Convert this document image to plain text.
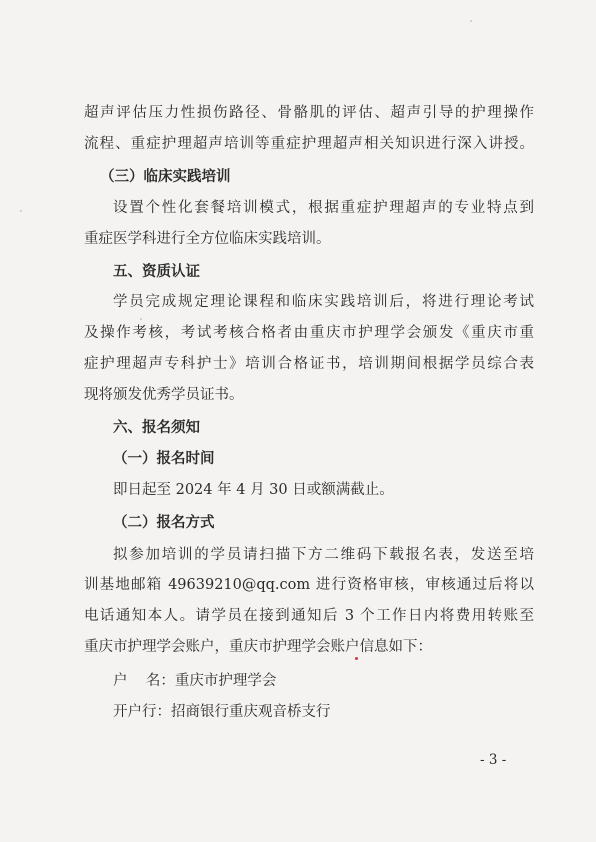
超声评估压力性损伤路径、骨骼肌的评估、超声引导的护理操作
流程、重症护理超声培训等重症护理超声相关知识进行深入讲授。
（三）临床实践培训
设置个性化套餐培训模式，根据重症护理超声的专业特点到
重症医学科进行全方位临床实践培训。
五、资质认证
学员完成规定理论课程和临床实践培训后，将进行理论考试
及操作考核，考试考核合格者由重庆市护理学会颁发《重庆市重
症护理超声专科护士》培训合格证书，培训期间根据学员综合表
现将颁发优秀学员证书。
六、报名须知
（一）报名时间
即日起至 2024 年 4 月 30 日或额满截止。
（二）报名方式
拟参加培训的学员请扫描下方二维码下载报名表，发送至培
训基地邮箱 49639210@qq.com 进行资格审核，审核通过后将以
电话通知本人。请学员在接到通知后 3 个工作日内将费用转账至
重庆市护理学会账户，重庆市护理学会账户信息如下：
户    名：重庆市护理学会
开户行：招商银行重庆观音桥支行
- 3 -
